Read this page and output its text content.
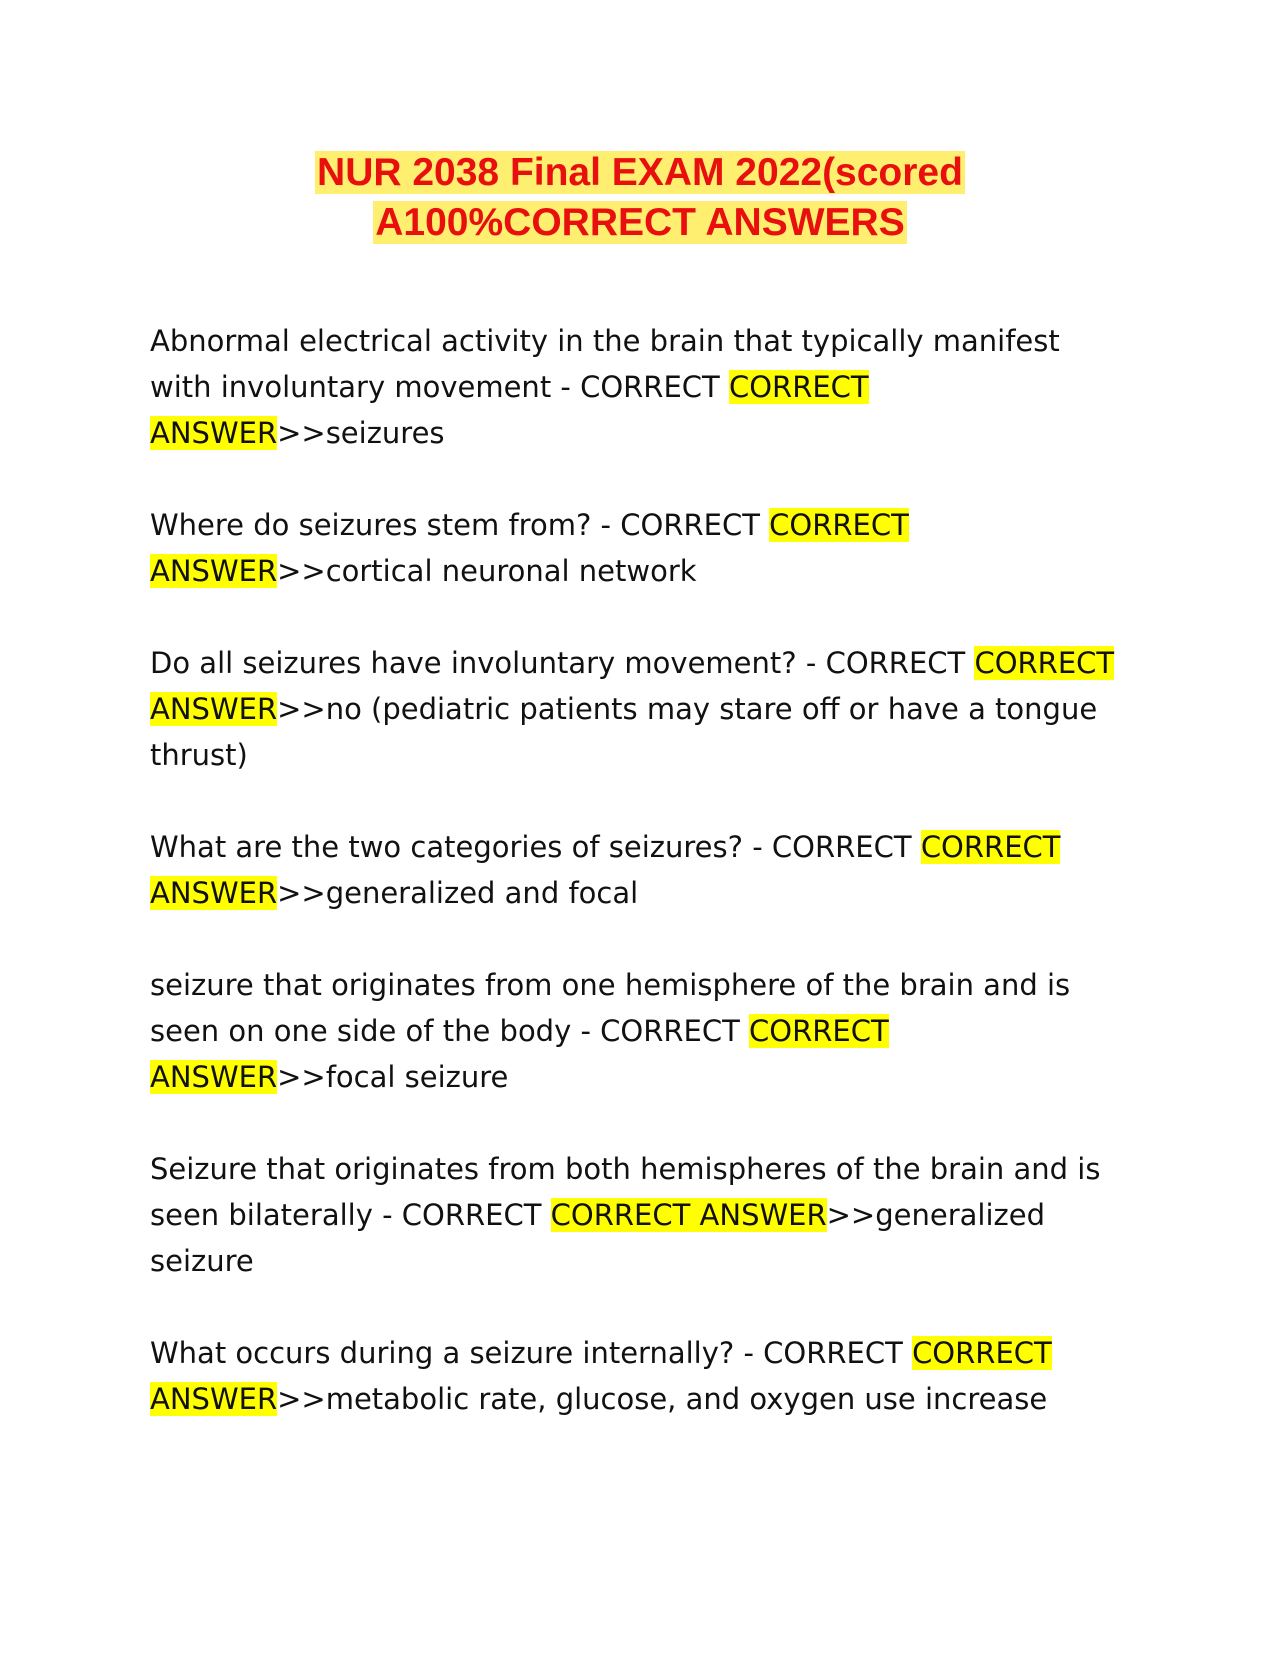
NUR 2038 Final EXAM 2022(scored
A100%CORRECT ANSWERS

Abnormal electrical activity in the brain that typically manifest with involuntary movement - CORRECT CORRECT ANSWER>>seizures

Where do seizures stem from? - CORRECT CORRECT ANSWER>>cortical neuronal network

Do all seizures have involuntary movement? - CORRECT CORRECT ANSWER>>no (pediatric patients may stare off or have a tongue thrust)

What are the two categories of seizures? - CORRECT CORRECT ANSWER>>generalized and focal

seizure that originates from one hemisphere of the brain and is seen on one side of the body - CORRECT CORRECT ANSWER>>focal seizure

Seizure that originates from both hemispheres of the brain and is seen bilaterally - CORRECT CORRECT ANSWER>>generalized seizure

What occurs during a seizure internally? - CORRECT CORRECT ANSWER>>metabolic rate, glucose, and oxygen use increase
